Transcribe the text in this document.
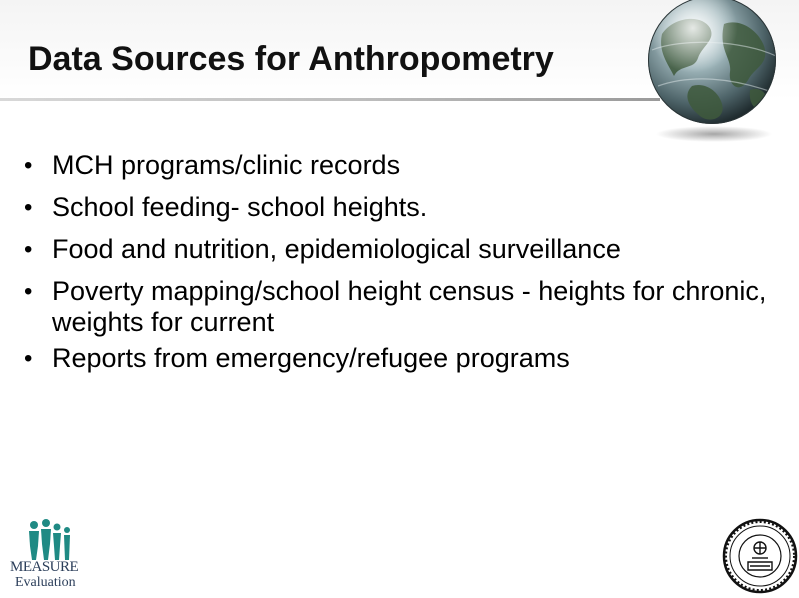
Data Sources for Anthropometry
• MCH programs/clinic records
• School feeding- school heights.
• Food and nutrition, epidemiological surveillance
• Poverty mapping/school height census - heights for chronic, weights for current
• Reports from emergency/refugee programs
MEASURE
Evaluation
